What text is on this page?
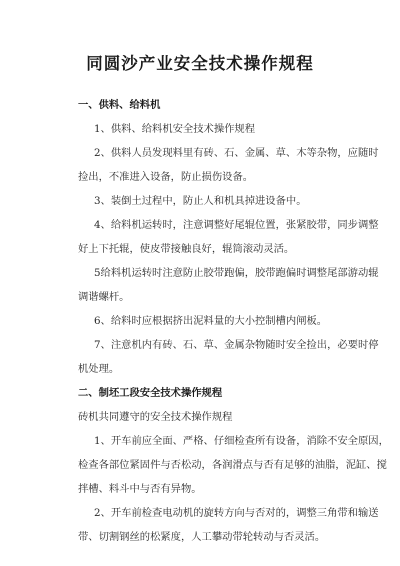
同圆沙产业安全技术操作规程
一、供料、给料机
1、供料、给料机安全技术操作规程
2、供料人员发现料里有砖、石、金属、草、木等杂物，应随时
捡出，不准进入设备，防止损伤设备。
3、装倒土过程中，防止人和机具掉进设备中。
4、给料机运转时，注意调整好尾辊位置，张紧胶带，同步调整
好上下托辊，使皮带接触良好，辊筒滚动灵活。
5给料机运转时注意防止胶带跑偏，胶带跑偏时调整尾部游动辊
调谐螺杆。
6、给料时应根据挤出泥料量的大小控制槽内闸板。
7、注意机内有砖、石、草、金属杂物随时安全捡出，必要时停
机处理。
二、制坯工段安全技术操作规程
砖机共同遵守的安全技术操作规程
1、开车前应全面、严格、仔细检查所有设备，消除不安全原因，
检查各部位紧固件与否松动，各润滑点与否有足够的油脂，泥缸、搅
拌槽、料斗中与否有异物。
2、开车前检查电动机的旋转方向与否对的，调整三角带和输送
带、切割钢丝的松紧度，人工攀动带轮转动与否灵活。
